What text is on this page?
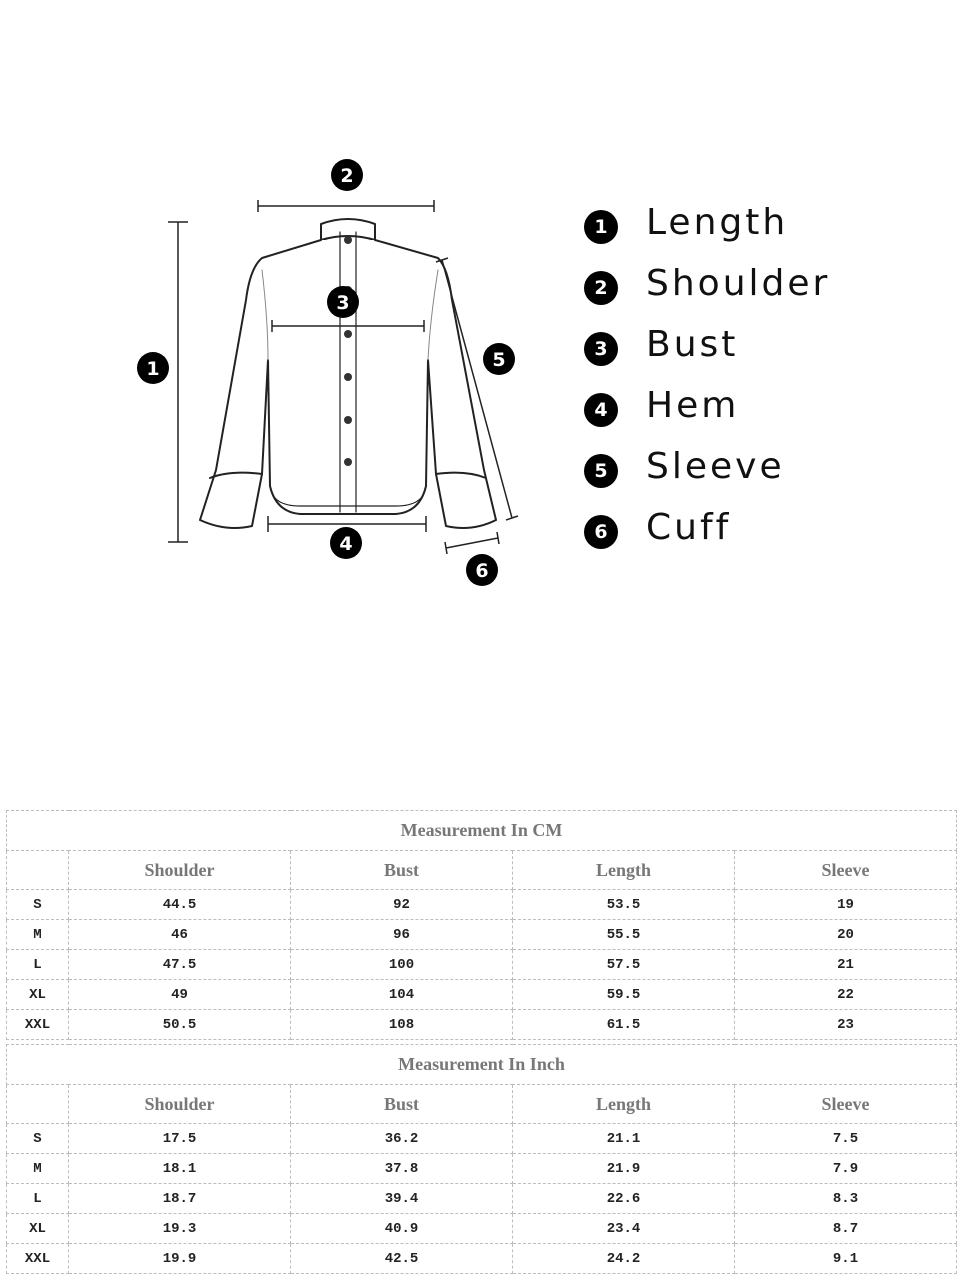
1
2
3
4
5
6
1 Length
2 Shoulder
3 Bust
4 Hem
5 Sleeve
6 Cuff
Measurement In CM				
	Shoulder	Bust	Length	Sleeve
S	44.5	92	53.5	19
M	46	96	55.5	20
L	47.5	100	57.5	21
XL	49	104	59.5	22
XXL	50.5	108	61.5	23
Measurement In Inch				
	Shoulder	Bust	Length	Sleeve
S	17.5	36.2	21.1	7.5
M	18.1	37.8	21.9	7.9
L	18.7	39.4	22.6	8.3
XL	19.3	40.9	23.4	8.7
XXL	19.9	42.5	24.2	9.1
